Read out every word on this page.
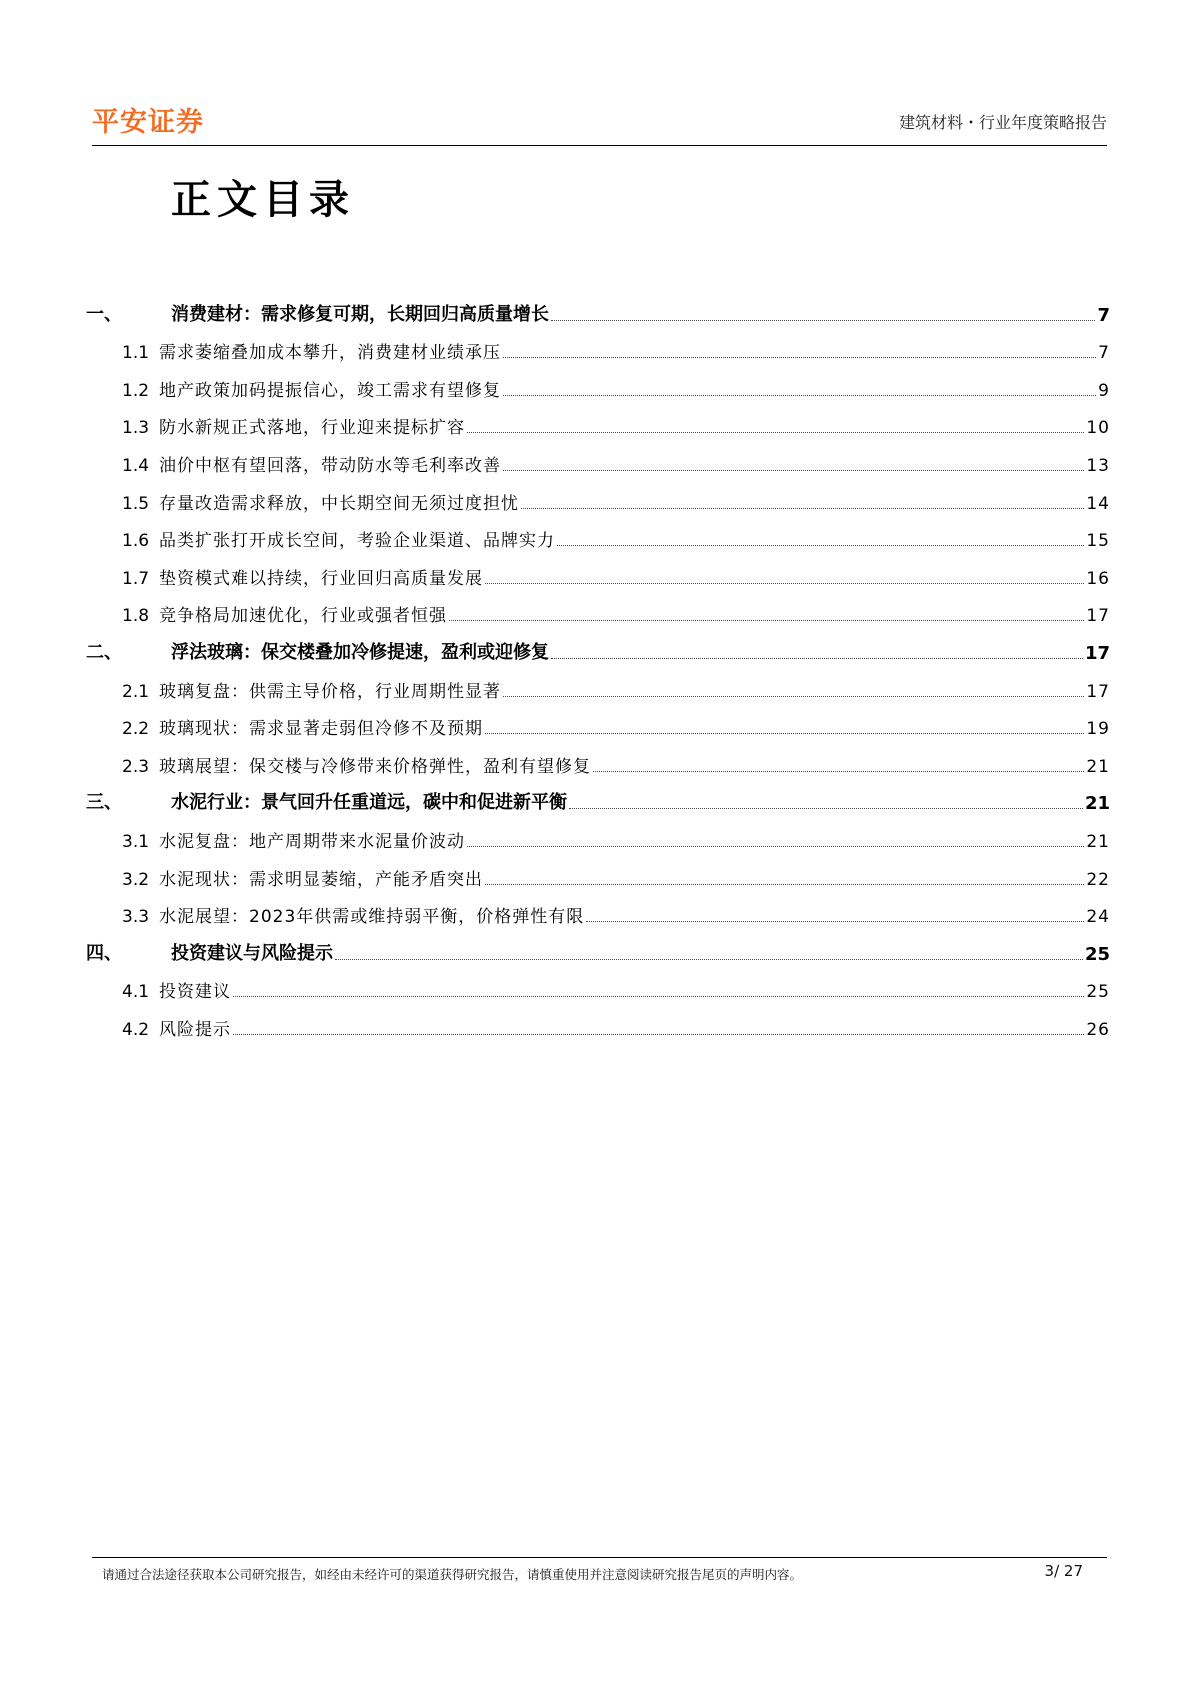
平安证券	建筑材料・行业年度策略报告
正文目录
一、	消费建材：需求修复可期，长期回归高质量增长	7
1.1 需求萎缩叠加成本攀升，消费建材业绩承压	7
1.2 地产政策加码提振信心，竣工需求有望修复	9
1.3 防水新规正式落地，行业迎来提标扩容	10
1.4 油价中枢有望回落，带动防水等毛利率改善	13
1.5 存量改造需求释放，中长期空间无须过度担忧	14
1.6 品类扩张打开成长空间，考验企业渠道、品牌实力	15
1.7 垫资模式难以持续，行业回归高质量发展	16
1.8 竞争格局加速优化，行业或强者恒强	17
二、	浮法玻璃：保交楼叠加冷修提速，盈利或迎修复	17
2.1 玻璃复盘：供需主导价格，行业周期性显著	17
2.2 玻璃现状：需求显著走弱但冷修不及预期	19
2.3 玻璃展望：保交楼与冷修带来价格弹性，盈利有望修复	21
三、	水泥行业：景气回升任重道远，碳中和促进新平衡	21
3.1 水泥复盘：地产周期带来水泥量价波动	21
3.2 水泥现状：需求明显萎缩，产能矛盾突出	22
3.3 水泥展望：2023年供需或维持弱平衡，价格弹性有限	24
四、	投资建议与风险提示	25
4.1 投资建议	25
4.2 风险提示	26
请通过合法途径获取本公司研究报告，如经由未经许可的渠道获得研究报告，请慎重使用并注意阅读研究报告尾页的声明内容。	3/ 27
